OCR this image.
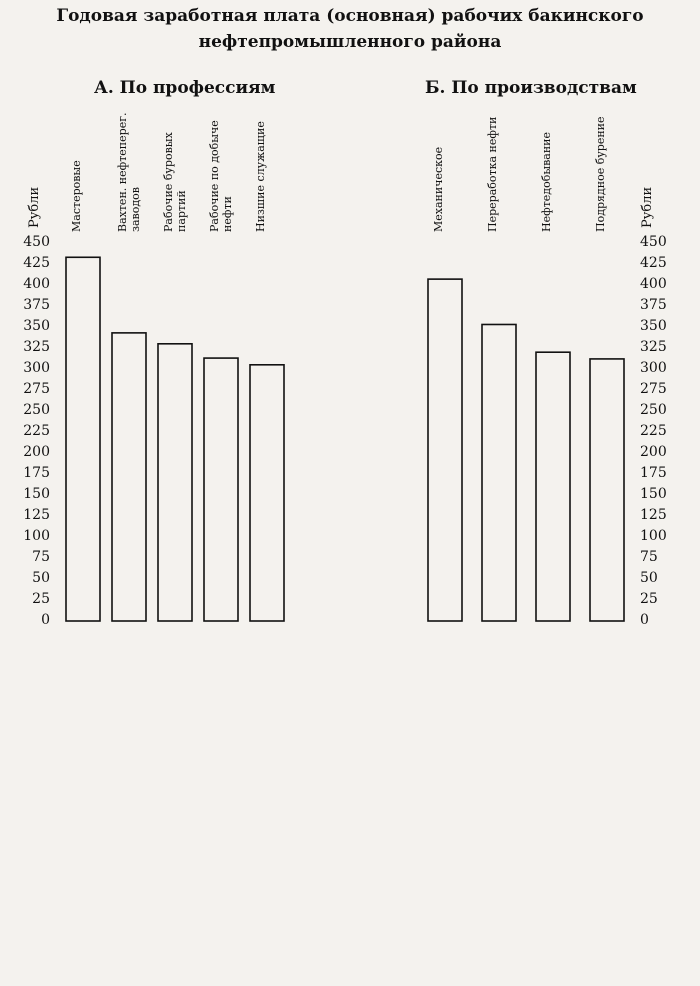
Годовая заработная плата (основная) рабочих бакинского
нефтепромышленного района
А. По профессиям	Б. По производствам
Рубли	Рубли
0
25
50
75
100
125
150
175
200
225
250
275
300
325
350
375
400
425
450
0
25
50
75
100
125
150
175
200
225
250
275
300
325
350
375
400
425
450
Мастеровые	Вахтен. нефтеперег. заводов Рабочие буровых партий Рабочие по добыче нефти Низшие служащие	Механическое	Переработка нефти	Нефтедобывание	Подрядное бурение
